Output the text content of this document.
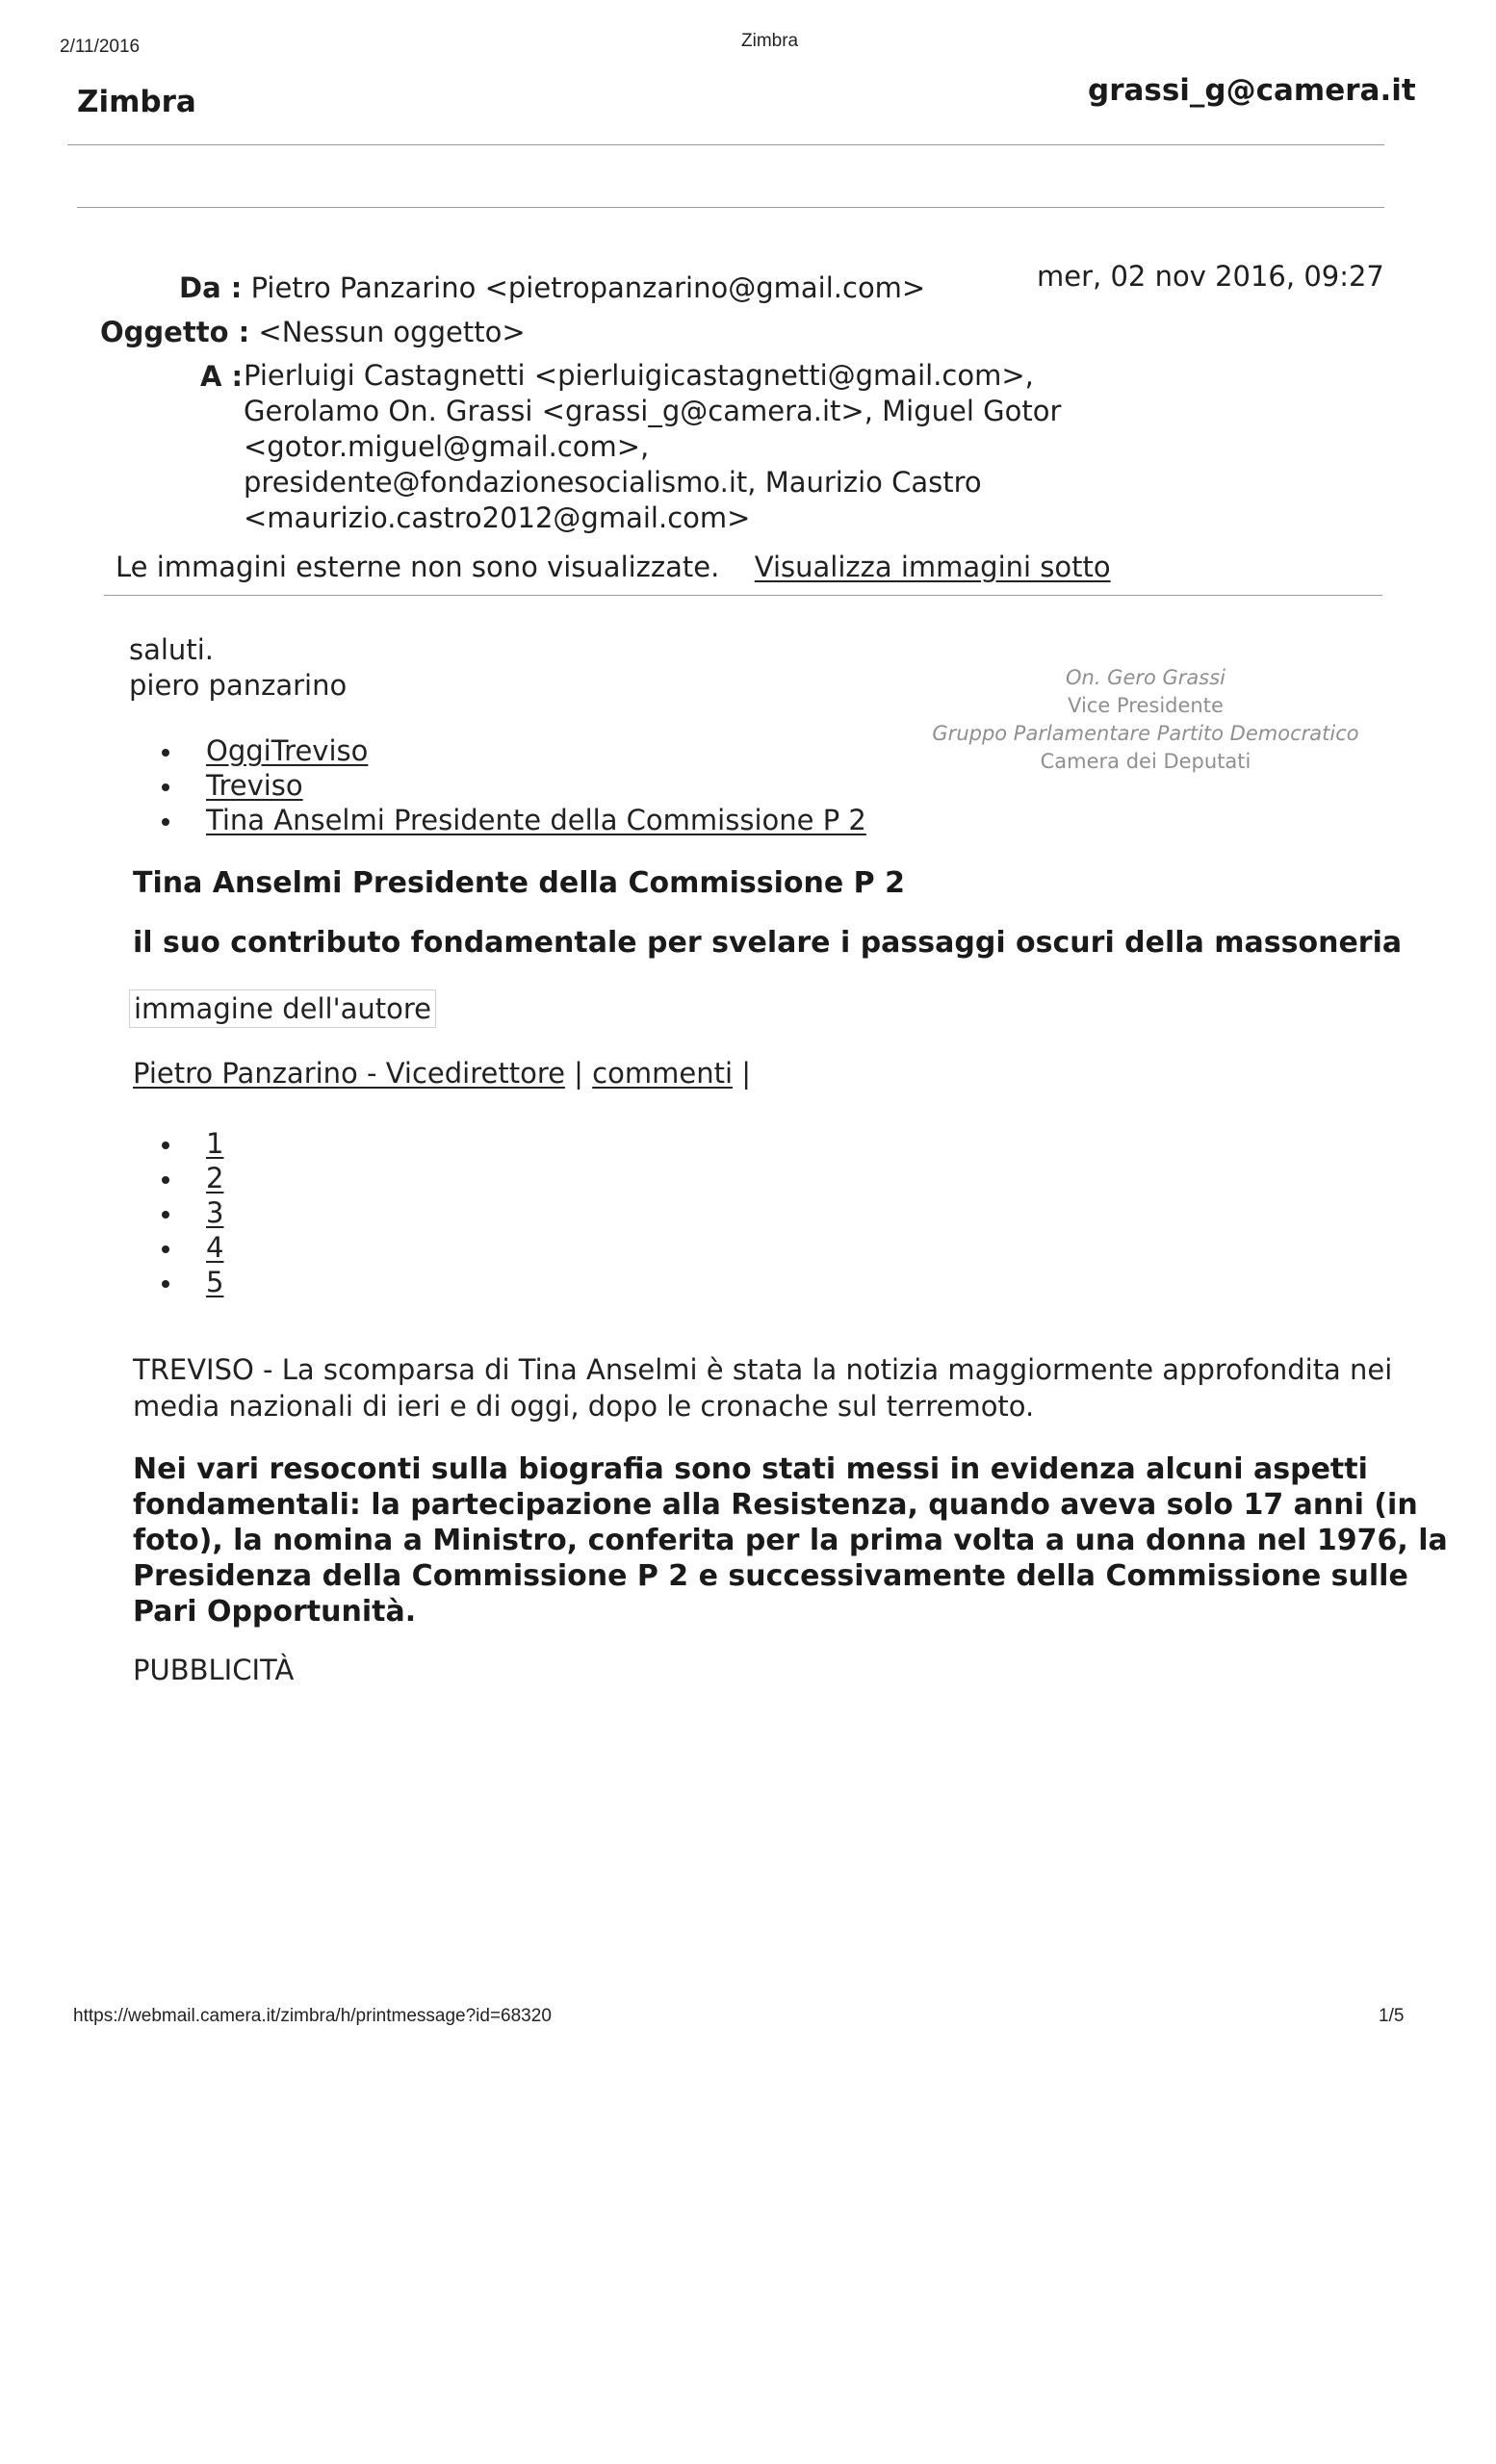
2/11/2016	Zimbra
Zimbra	grassi_g@camera.it
Da : Pietro Panzarino <pietropanzarino@gmail.com>	mer, 02 nov 2016, 09:27
Oggetto : <Nessun oggetto>
A : Pierluigi Castagnetti <pierluigicastagnetti@gmail.com>,
Gerolamo On. Grassi <grassi_g@camera.it>, Miguel Gotor
<gotor.miguel@gmail.com>,
presidente@fondazionesocialismo.it, Maurizio Castro
<maurizio.castro2012@gmail.com>
Le immagini esterne non sono visualizzate. Visualizza immagini sotto
On. Gero Grassi
Vice Presidente
Gruppo Parlamentare Partito Democratico
Camera dei Deputati
saluti.
piero panzarino
OggiTreviso
Treviso
Tina Anselmi Presidente della Commissione P 2
Tina Anselmi Presidente della Commissione P 2
il suo contributo fondamentale per svelare i passaggi oscuri della massoneria
immagine dell'autore
Pietro Panzarino - Vicedirettore | commenti |
1
2
3
4
5
TREVISO - La scomparsa di Tina Anselmi è stata la notizia maggiormente approfondita nei
media nazionali di ieri e di oggi, dopo le cronache sul terremoto.
Nei vari resoconti sulla biografia sono stati messi in evidenza alcuni aspetti
fondamentali: la partecipazione alla Resistenza, quando aveva solo 17 anni (in
foto), la nomina a Ministro, conferita per la prima volta a una donna nel 1976, la
Presidenza della Commissione P 2 e successivamente della Commissione sulle
Pari Opportunità.
PUBBLICITÀ
https://webmail.camera.it/zimbra/h/printmessage?id=68320	1/5
